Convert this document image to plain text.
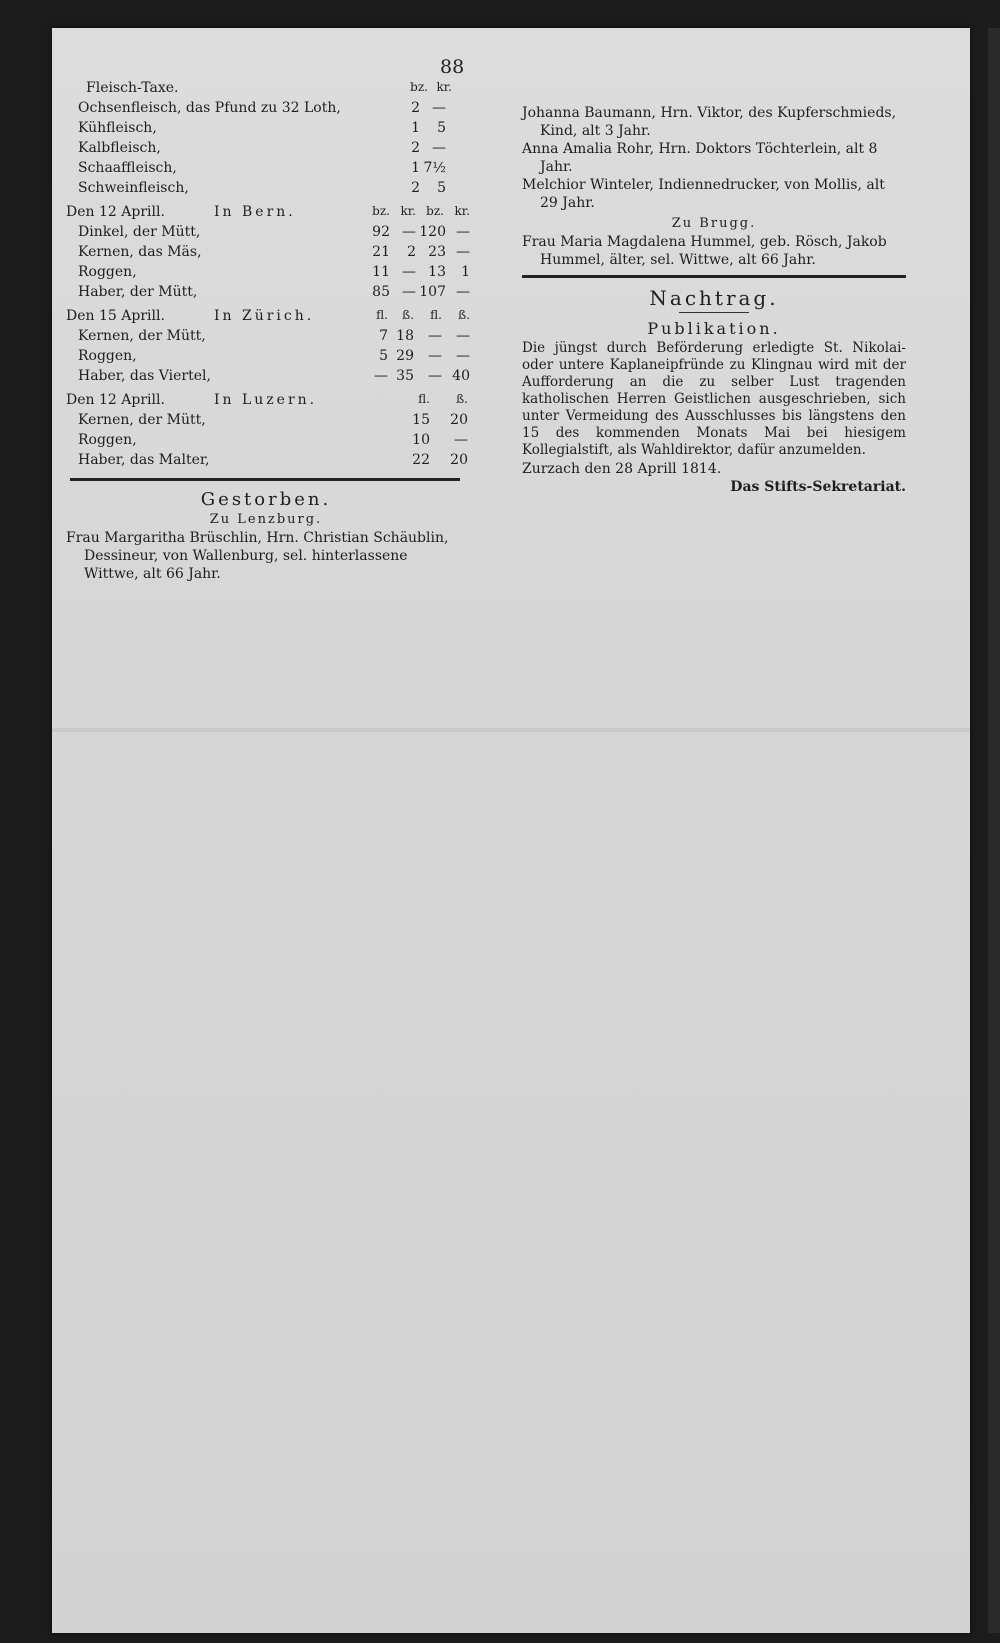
88
Fleisch-Taxe.	bz. kr.
Ochsenfleisch, das Pfund zu 32 Loth,	2 —
Kühfleisch,	1	5
Kalbfleisch,	2 —
Schaaffleisch,	1 7½
Schweinfleisch,	2	5
Den 12 Aprill.	In Bern.	bz. kr. bz. kr.
Dinkel, der Mütt,	92 — 120 —
Kernen, das Mäs,	21	2 23 —
Roggen,	11 — 13	1
Haber, der Mütt,	85 — 107 —
Den 15 Aprill.	In Zürich.	fl.	ß.	fl.	ß.
Kernen, der Mütt,	7 18	—	—
Roggen,	5 29	—	—
Haber, das Viertel,	— 35	— 40
Den 12 Aprill.	In Luzern.	fl.	ß.
Kernen, der Mütt,	15	20
Roggen,	10	—
Haber, das Malter,	22	20
Gestorben.
Zu Lenzburg.

Frau Margaritha Brüschlin, Hrn. Christian Schäublin, Dessineur, von Wallenburg, sel. hinterlassene Wittwe, alt 66 Jahr.

Johanna Baumann, Hrn. Viktor, des Kupferschmieds, Kind, alt 3 Jahr.

Anna Amalia Rohr, Hrn. Doktors Töchterlein, alt 8 Jahr.

Melchior Winteler, Indiennedrucker, von Mollis, alt 29 Jahr.

Zu Brugg.

Frau Maria Magdalena Hummel, geb. Rösch, Jakob Hummel, älter, sel. Wittwe, alt 66 Jahr.

Nachtrag.
Publikation.

Die jüngst durch Beförderung erledigte St. Nikolai- oder untere Kaplaneipfründe zu Klingnau wird mit der Aufforderung an die zu selber Lust tragenden katholischen Herren Geistlichen ausgeschrieben, sich unter Vermeidung des Ausschlusses bis längstens den 15 des kommenden Monats Mai bei hiesigem Kollegialstift, als Wahldirektor, dafür anzumelden.

Zurzach den 28 Aprill 1814.

Das Stifts-Sekretariat.
